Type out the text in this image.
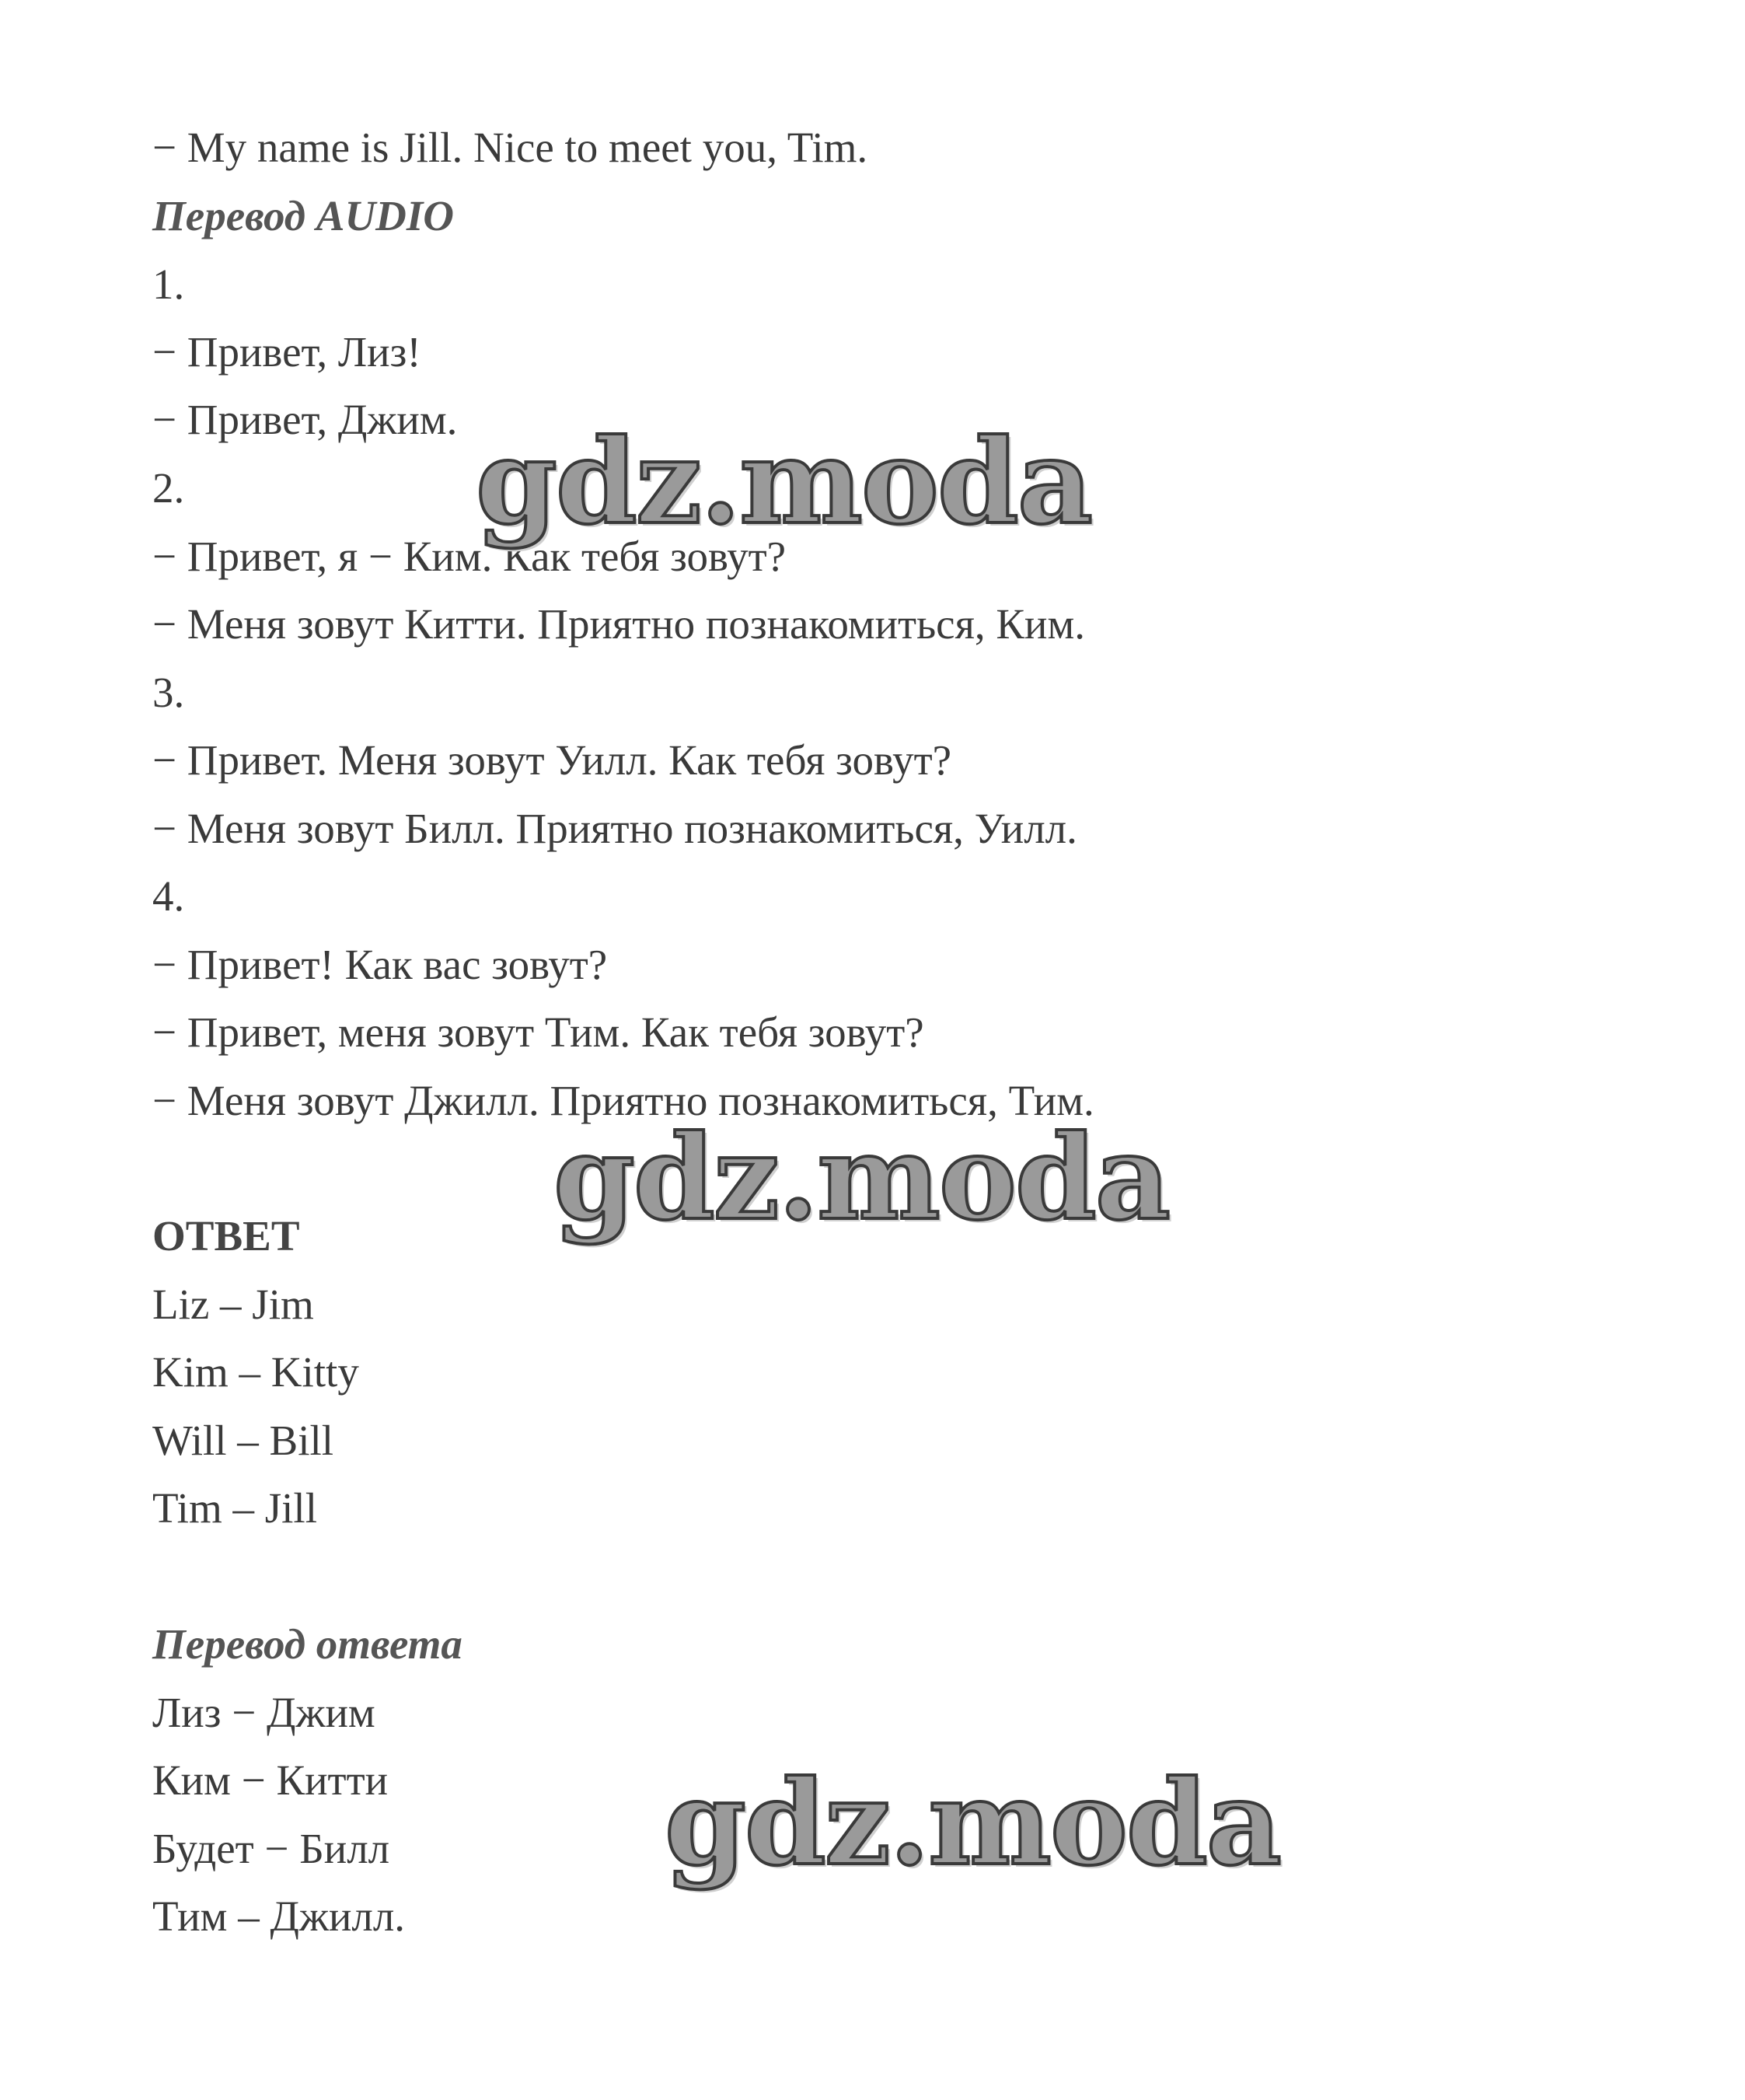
− My name is Jill. Nice to meet you, Tim.
Перевод AUDIO
1.
− Привет, Лиз!
− Привет, Джим.
2.
− Привет, я − Ким. Как тебя зовут?
− Меня зовут Китти. Приятно познакомиться, Ким.
3.
− Привет. Меня зовут Уилл. Как тебя зовут?
− Меня зовут Билл. Приятно познакомиться, Уилл.
4.
− Привет! Как вас зовут?
− Привет, меня зовут Тим. Как тебя зовут?
− Меня зовут Джилл. Приятно познакомиться, Тим.
ОТВЕТ
Liz – Jim
Kim – Kitty
Will – Bill
Tim – Jill
Перевод ответа
Лиз − Джим
Ким − Китти
Будет − Билл
Тим – Джилл.
gdz.moda
gdz.moda
gdz.moda
